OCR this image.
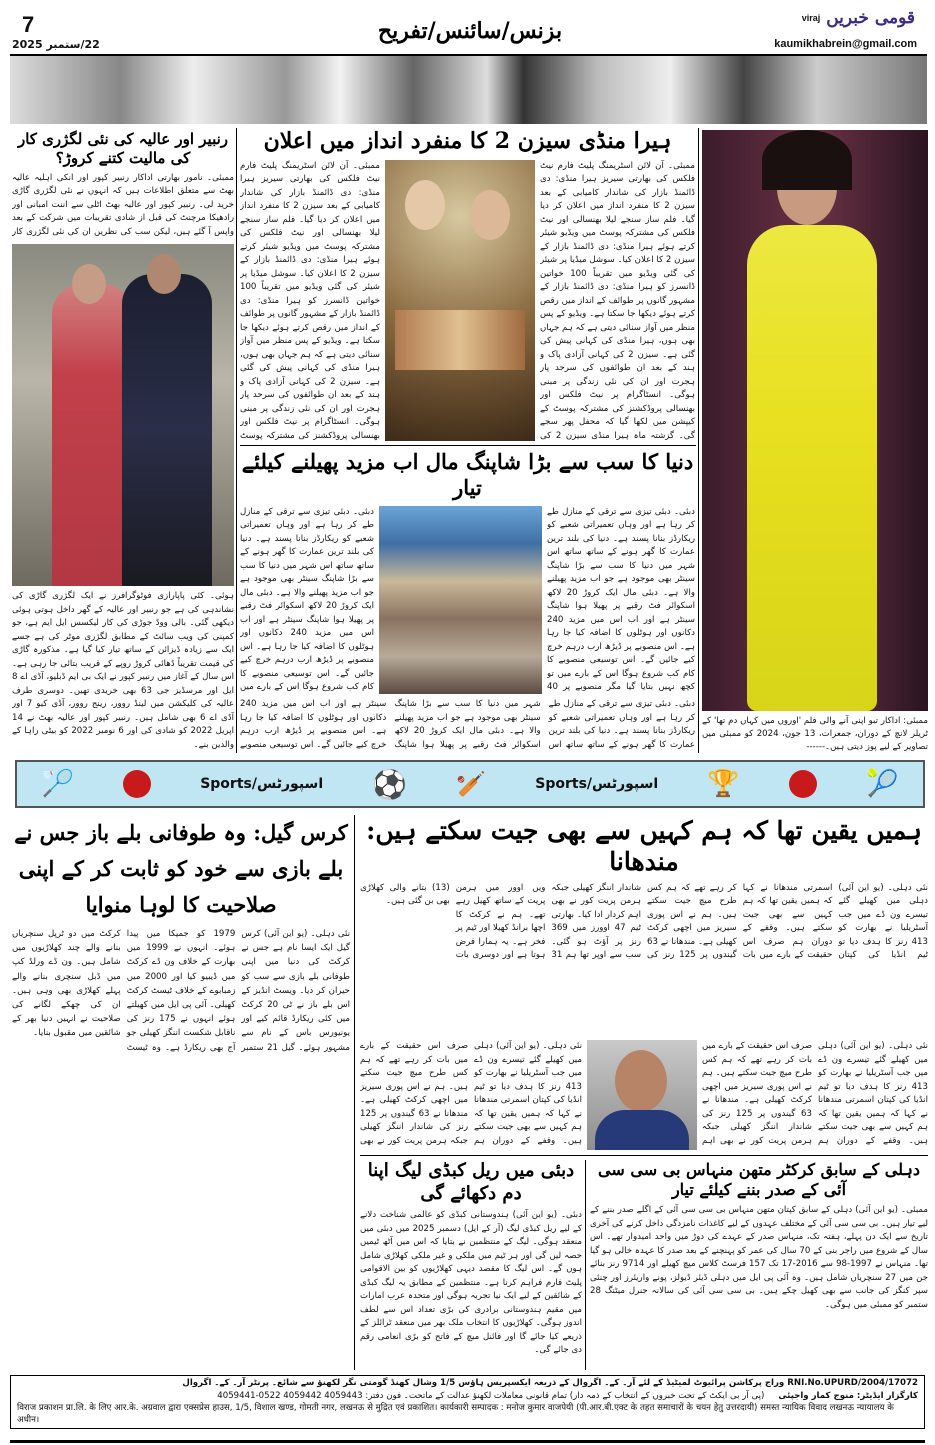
7
22/ستمبر 2025
بزنس/سائنس/تفریح	viraj قومی خبریں
kaumikhabrein@gmail.com
رنبیر اور عالیہ کی نئی لگژری کار کی مالیت کتنے کروڑ؟
ممبئی۔ نامور بھارتی اداکار رنبیر کپور اور انکی اہلیہ عالیہ بھٹ سے متعلق اطلاعات ہیں کہ انہوں نے نئی لگژری گاڑی خرید لی۔ رنبیر کپور اور عالیہ بھٹ اٹلی سے اننت امبانی اور رادھیکا مرچنٹ کی قبل از شادی تقریبات میں شرکت کے بعد واپس آ گئے ہیں، لیکن سب کی نظریں ان کی نئی لگژری کار
ہوئی۔ کئی پاپارازی فوٹوگرافرز نے ایک لگژری گاڑی کی نشاندہی کی ہے جو رنبیر اور عالیہ کے گھر داخل ہوتی ہوئی دیکھی گئی۔ بالی ووڈ جوڑی کی کار لیکسس ایل ایم ہے، جو کمپنی کی ویب سائٹ کے مطابق لگژری موٹر کی ہے جسے ایک سے زیادہ ڈیزائن کے ساتھ تیار کیا گیا ہے۔ مذکورہ گاڑی کی قیمت تقریباً ڈھائی کروڑ روپے کے قریب بتائی جا رہی ہے۔ اس سال کے آغاز میں رنبیر کپور نے ایک بی ایم ڈبلیو، آڈی اے 8 ایل اور مرسڈیز جی 63 بھی خریدی تھیں۔ دوسری طرف عالیہ کی کلیکشن میں لینڈ روور، رینج روور، آڈی کیو 7 اور آڈی اے 6 بھی شامل ہیں۔ رنبیر کپور اور عالیہ بھٹ نے 14 اپریل 2022 کو شادی کی اور 6 نومبر 2022 کو بیٹی راہا کے والدین بنے۔
ہیرا منڈی سیزن 2 کا منفرد انداز میں اعلان
ممبئی۔ آن لائن اسٹریمنگ پلیٹ فارم نیٹ فلکس کی بھارتی سیریز ہیرا منڈی: دی ڈائمنڈ بازار کی شاندار کامیابی کے بعد سیزن 2 کا منفرد انداز میں اعلان کر دیا گیا۔ فلم ساز سنجے لیلا بھنسالی اور نیٹ فلکس کی مشترکہ پوسٹ میں ویڈیو شیئر کرتے ہوئے ہیرا منڈی: دی ڈائمنڈ بازار کے سیزن 2 کا اعلان کیا۔ سوشل میڈیا پر شیئر کی گئی ویڈیو میں تقریباً 100 خواتین ڈانسرز کو ہیرا منڈی: دی ڈائمنڈ بازار کے مشہور گانوں پر طوائف کے انداز میں رقص کرتے ہوئے دیکھا جا سکتا ہے۔ ویڈیو کے پس منظر میں آواز سنائی دیتی ہے کہ ہم جہاں بھی ہوں، ہیرا منڈی کی کہانی پیش کی گئی ہے۔ سیزن 2 کی کہانی آزادی پاک و ہند کے بعد ان طوائفوں کی سرحد پار ہجرت اور ان کی نئی زندگی پر مبنی ہوگی۔ انسٹاگرام پر نیٹ فلکس اور بھنسالی پروڈکشنز کی مشترکہ پوسٹ کے کیپشن میں لکھا گیا کہ محفل پھر سجے گی۔ گزشتہ ماہ ہیرا منڈی سیزن 2 کی
ممبئی۔ آن لائن اسٹریمنگ پلیٹ فارم نیٹ فلکس کی بھارتی سیریز ہیرا منڈی: دی ڈائمنڈ بازار کی شاندار کامیابی کے بعد سیزن 2 کا منفرد انداز میں اعلان کر دیا گیا۔ فلم ساز سنجے لیلا بھنسالی اور نیٹ فلکس کی مشترکہ پوسٹ میں ویڈیو شیئر کرتے ہوئے ہیرا منڈی: دی ڈائمنڈ بازار کے سیزن 2 کا اعلان کیا۔ سوشل میڈیا پر شیئر کی گئی ویڈیو میں تقریباً 100 خواتین ڈانسرز کو ہیرا منڈی: دی ڈائمنڈ بازار کے مشہور گانوں پر طوائف کے انداز میں رقص کرتے ہوئے دیکھا جا سکتا ہے۔ ویڈیو کے پس منظر میں آواز سنائی دیتی ہے کہ ہم جہاں بھی ہوں، ہیرا منڈی کی کہانی پیش کی گئی ہے۔ سیزن 2 کی کہانی آزادی پاک و ہند کے بعد ان طوائفوں کی سرحد پار ہجرت اور ان کی نئی زندگی پر مبنی ہوگی۔ انسٹاگرام پر نیٹ فلکس اور بھنسالی پروڈکشنز کی مشترکہ پوسٹ
دنیا کا سب سے بڑا شاپنگ مال اب مزید پھیلنے کیلئے تیار
دبئی۔ دبئی تیزی سے ترقی کے منازل طے کر رہا ہے اور وہاں تعمیراتی شعبے کو ریکارڈز بنانا پسند ہے۔ دنیا کی بلند ترین عمارت کا گھر ہونے کے ساتھ ساتھ اس شہر میں دنیا کا سب سے بڑا شاپنگ سینٹر بھی موجود ہے جو اب مزید پھیلنے والا ہے۔ دبئی مال ایک کروڑ 20 لاکھ اسکوائر فٹ رقبے پر پھیلا ہوا شاپنگ سینٹر ہے اور اب اس میں مزید 240 دکانوں اور ہوٹلوں کا اضافہ کیا جا رہا ہے۔ اس منصوبے پر ڈیڑھ ارب درہم خرچ کیے جائیں گے۔ اس توسیعی منصوبے کا کام کب شروع ہوگا اس کے بارے میں تو کچھ نہیں بتایا گیا مگر منصوبے پر 40
دبئی۔ دبئی تیزی سے ترقی کے منازل طے کر رہا ہے اور وہاں تعمیراتی شعبے کو ریکارڈز بنانا پسند ہے۔ دنیا کی بلند ترین عمارت کا گھر ہونے کے ساتھ ساتھ اس شہر میں دنیا کا سب سے بڑا شاپنگ سینٹر بھی موجود ہے جو اب مزید پھیلنے والا ہے۔ دبئی مال ایک کروڑ 20 لاکھ اسکوائر فٹ رقبے پر پھیلا ہوا شاپنگ سینٹر ہے اور اب اس میں مزید 240 دکانوں اور ہوٹلوں کا اضافہ کیا جا رہا ہے۔ اس منصوبے پر ڈیڑھ ارب درہم خرچ کیے جائیں گے۔ اس توسیعی منصوبے کا کام کب شروع ہوگا اس کے بارے میں
دبئی۔ دبئی تیزی سے ترقی کے منازل طے کر رہا ہے اور وہاں تعمیراتی شعبے کو ریکارڈز بنانا پسند ہے۔ دنیا کی بلند ترین عمارت کا گھر ہونے کے ساتھ ساتھ اس شہر میں دنیا کا سب سے بڑا شاپنگ سینٹر بھی موجود ہے جو اب مزید پھیلنے والا ہے۔ دبئی مال ایک کروڑ 20 لاکھ اسکوائر فٹ رقبے پر پھیلا ہوا شاپنگ سینٹر ہے اور اب اس میں مزید 240 دکانوں اور ہوٹلوں کا اضافہ کیا جا رہا ہے۔ اس منصوبے پر ڈیڑھ ارب درہم خرچ کیے جائیں گے۔ اس توسیعی منصوبے
ممبئی: اداکار تبو اپنی آنے والی فلم 'اوروں میں کہاں دم تھا' کے ٹریلر لانچ کے دوران، جمعرات، 13 جون، 2024 کو ممبئی میں تصاویر کے لیے پوز دیتی ہیں۔------
🏸	Sports/اسپورٹس ⚽ 🏏	Sports/اسپورٹس 🏆	🎾
کرس گیل: وہ طوفانی بلے باز جس نے بلے بازی سے خود کو ثابت کر کے اپنی صلاحیت کا لوہا منوایا
نئی دہلی۔ (یو این آئی) کرس گیل ایک ایسا نام ہے جس نے کرکٹ کی دنیا میں اپنی طوفانی بلے بازی سے سب کو حیران کر دیا۔ ویسٹ انڈیز کے اس بلے باز نے ٹی 20 کرکٹ میں کئی ریکارڈ قائم کیے اور یونیورس باس کے نام سے مشہور ہوئے۔ گیل 21 ستمبر 1979 کو جمیکا میں پیدا ہوئے۔ انہوں نے 1999 میں بھارت کے خلاف ون ڈے کرکٹ میں ڈیبیو کیا اور 2000 میں زمبابوے کے خلاف ٹیسٹ کرکٹ کھیلی۔ آئی پی ایل میں کھیلتے ہوئے انہوں نے 175 رنز کی ناقابل شکست اننگز کھیلی جو آج بھی ریکارڈ ہے۔ وہ ٹیسٹ کرکٹ میں دو ٹرپل سنچریاں بنانے والے چند کھلاڑیوں میں شامل ہیں۔ ون ڈے ورلڈ کپ میں ڈبل سنچری بنانے والے پہلے کھلاڑی بھی وہی ہیں۔ ان کی چھکے لگانے کی صلاحیت نے انہیں دنیا بھر کے شائقین میں مقبول بنایا۔
ہمیں یقین تھا کہ ہم کہیں سے بھی جیت سکتے ہیں: مندھانا
نئی دہلی۔ (یو این آئی) دہلی میں کھیلے گئے تیسرے ون ڈے میں جب آسٹریلیا نے بھارت کو 413 رنز کا ہدف دیا تو ٹیم انڈیا کی کپتان اسمرتی مندھانا نے کہا کہ ہمیں یقین تھا کہ ہم کہیں سے بھی جیت سکتے ہیں۔ وقفے کے دوران ہم صرف اس حقیقت کے بارے میں بات کر رہے تھے کہ ہم کس طرح میچ جیت سکتے ہیں۔ ہم نے اس پوری سیریز میں اچھی کرکٹ کھیلی ہے۔ مندھانا نے 63 گیندوں پر 125 رنز کی شاندار اننگز کھیلی جبکہ ہرمن پریت کور نے بھی اہم کردار ادا کیا۔ بھارتی ٹیم 47 اوورز میں 369 رنز پر آؤٹ ہو گئی۔ سب سے اوپر تھا ہم 31 ویں اوور میں ہرمن پریت کے ساتھ کھیل رہے تھے۔ ہم نے کرکٹ کا اچھا برانڈ کھیلا اور ٹیم پر فخر ہے۔ یہ ہمارا فرض ہوتا ہے اور دوسری بات (13) بتانے والی کھلاڑی بھی بن گئی ہیں۔
نئی دہلی۔ (یو این آئی) دہلی میں کھیلے گئے تیسرے ون ڈے میں جب آسٹریلیا نے بھارت کو 413 رنز کا ہدف دیا تو ٹیم انڈیا کی کپتان اسمرتی مندھانا نے کہا کہ ہمیں یقین تھا کہ ہم کہیں سے بھی جیت سکتے ہیں۔ وقفے کے دوران ہم صرف اس حقیقت کے بارے میں بات کر رہے تھے کہ ہم کس طرح میچ جیت سکتے ہیں۔ ہم نے اس پوری سیریز میں اچھی کرکٹ کھیلی ہے۔ مندھانا نے 63 گیندوں پر 125 رنز کی شاندار اننگز کھیلی جبکہ ہرمن پریت کور نے بھی اہم
نئی دہلی۔ (یو این آئی) دہلی میں کھیلے گئے تیسرے ون ڈے میں جب آسٹریلیا نے بھارت کو 413 رنز کا ہدف دیا تو ٹیم انڈیا کی کپتان اسمرتی مندھانا نے کہا کہ ہمیں یقین تھا کہ ہم کہیں سے بھی جیت سکتے ہیں۔ وقفے کے دوران ہم صرف اس حقیقت کے بارے میں بات کر رہے تھے کہ ہم کس طرح میچ جیت سکتے ہیں۔ ہم نے اس پوری سیریز میں اچھی کرکٹ کھیلی ہے۔ مندھانا نے 63 گیندوں پر 125 رنز کی شاندار اننگز کھیلی جبکہ ہرمن پریت کور نے بھی
دبئی میں ریل کبڈی لیگ اپنا دم دکھائے گی
دبئی۔ (یو این آئی) ہندوستانی کبڈی کو عالمی شناخت دلانے کے لیے ریل کبڈی لیگ (آر کے ایل) دسمبر 2025 میں دبئی میں منعقد ہوگی۔ لیگ کے منتظمین نے بتایا کہ اس میں آٹھ ٹیمیں حصہ لیں گی اور ہر ٹیم میں ملکی و غیر ملکی کھلاڑی شامل ہوں گے۔ اس لیگ کا مقصد دیہی کھلاڑیوں کو بین الاقوامی پلیٹ فارم فراہم کرنا ہے۔ منتظمین کے مطابق یہ لیگ کبڈی کے شائقین کے لیے ایک نیا تجربہ ہوگی اور متحدہ عرب امارات میں مقیم ہندوستانی برادری کی بڑی تعداد اس سے لطف اندوز ہوگی۔ کھلاڑیوں کا انتخاب ملک بھر میں منعقد ٹرائلز کے ذریعے کیا جائے گا اور فائنل میچ کے فاتح کو بڑی انعامی رقم دی جائے گی۔
دہلی کے سابق کرکٹر متھن منہاس بی سی سی آئی کے صدر بننے کیلئے تیار
ممبئی۔ (یو این آئی) دہلی کے سابق کپتان متھن منہاس بی سی سی آئی کے اگلے صدر بننے کے لیے تیار ہیں۔ بی سی سی آئی کے مختلف عہدوں کے لیے کاغذات نامزدگی داخل کرنے کی آخری تاریخ سے ایک دن پہلے، ہفتہ تک، منہاس صدر کے عہدے کی دوڑ میں واحد امیدوار تھے۔ اس سال کے شروع میں راجر بنی کے 70 سال کی عمر کو پہنچنے کے بعد صدر کا عہدہ خالی ہو گیا تھا۔ منہاس نے 1997-98 سے 2016-17 تک 157 فرسٹ کلاس میچ کھیلے اور 9714 رنز بنائے جن میں 27 سنچریاں شامل ہیں۔ وہ آئی پی ایل میں دہلی ڈیئر ڈیولز، پونے واریئرز اور چنئی سپر کنگز کی جانب سے بھی کھیل چکے ہیں۔ بی سی سی آئی کی سالانہ جنرل میٹنگ 28 ستمبر کو ممبئی میں ہوگی۔
RNI.No.UPURD/2004/17072 وراج پرکاشن پرائیوٹ لمیٹیڈ کے لئے آر۔ کے۔ اگروال کے ذریعہ ایکسپریس ہاؤس 1/5 وشال کھنڈ گومتی نگر لکھنؤ سے شائع۔ پرنٹر آر۔ کے۔ اگروال
کارگزار ایڈیٹر: منوج کمار واجپئی
(پی آر بی ایکٹ کے تحت خبروں کے انتخاب کے ذمہ دار) تمام قانونی معاملات لکھنؤ عدالت کے ماتحت۔ فون دفتر: 4059443 4059442 0522-4059441
विराज प्रकाशन प्रा.लि. के लिए आर.के. अग्रवाल द्वारा एक्सप्रेस हाउस, 1/5, विशाल खण्ड, गोमती नगर, लखनऊ से मुद्रित एवं प्रकाशित। कार्यकारी सम्पादक : मनोज कुमार वाजपेयी (पी.आर.बी.एक्ट के तहत समाचारों के चयन हेतु उत्तरदायी) समस्त न्यायिक विवाद लखनऊ न्यायालय के अधीन।
